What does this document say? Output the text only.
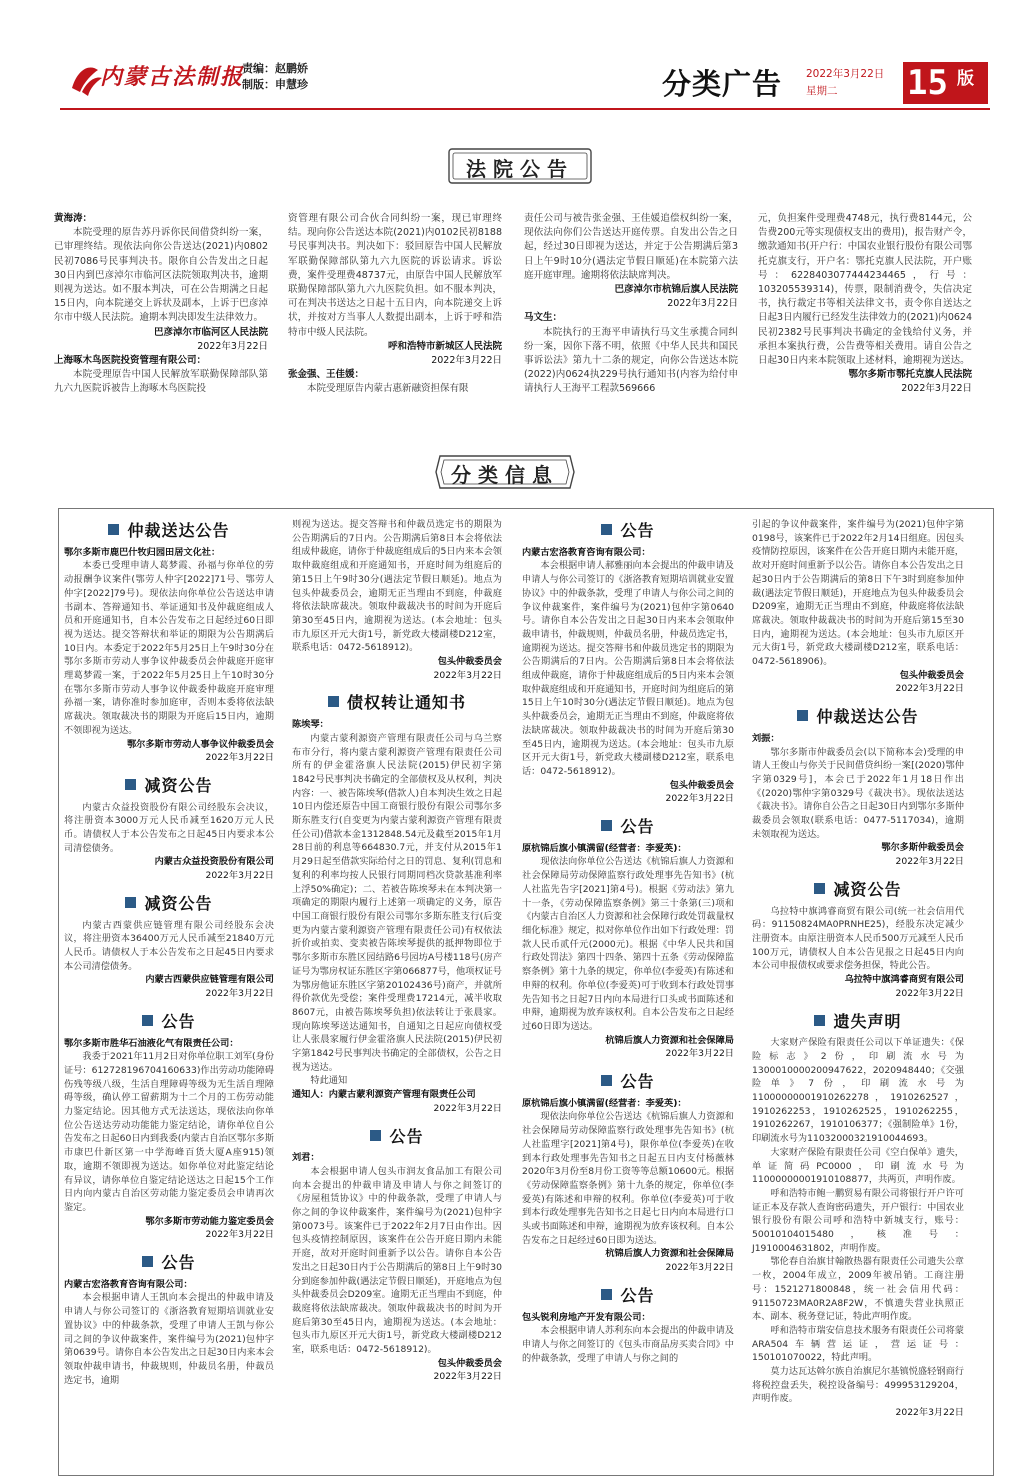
内蒙古法制报
责编：赵鹏娇
制版：申慧珍	分类广告 2022年3月22日
星期二	15 版
法院公告

黄海涛：

本院受理的原告苏丹诉你民间借贷纠纷一案，已审理终结。现依法向你公告送达(2021)内0802民初7086号民事判决书。限你自公告发出之日起30日内到巴彦淖尔市临河区法院领取判决书，逾期则视为送达。如不服本判决，可在公告期满之日起15日内，向本院递交上诉状及副本，上诉于巴彦淖尔市中级人民法院。逾期本判决即发生法律效力。

巴彦淖尔市临河区人民法院

2022年3月22日

上海啄木鸟医院投资管理有限公司：

本院受理原告中国人民解放军联勤保障部队第九六九医院诉被告上海啄木鸟医院投

资管理有限公司合伙合同纠纷一案，现已审理终结。现向你公告送达本院(2021)内0102民初8188号民事判决书。判决如下：驳回原告中国人民解放军联勤保障部队第九六九医院的诉讼请求。诉讼费，案件受理费48737元，由原告中国人民解放军联勤保障部队第九六九医院负担。如不服本判决，可在判决书送达之日起十五日内，向本院递交上诉状，并按对方当事人人数提出副本，上诉于呼和浩特市中级人民法院。

呼和浩特市新城区人民法院

2022年3月22日

张金强、王佳媛：

本院受理原告内蒙古惠新融资担保有限

责任公司与被告张金强、王佳媛追偿权纠纷一案，现依法向你们公告送达开庭传票。自发出公告之日起，经过30日即视为送达，并定于公告期满后第3日上午9时10分(遇法定节假日顺延)在本院第六法庭开庭审理。逾期将依法缺席判决。

巴彦淖尔市杭锦后旗人民法院

2022年3月22日

马文生：

本院执行的王海平申请执行马文生承揽合同纠纷一案，因你下落不明，依照《中华人民共和国民事诉讼法》第九十二条的规定，向你公告送达本院(2022)内0624执229号执行通知书(内容为给付申请执行人王海平工程款569666

元，负担案件受理费4748元，执行费8144元，公告费200元等实现债权支出的费用)，报告财产令，缴款通知书(开户行：中国农业银行股份有限公司鄂托克旗支行，开户名：鄂托克旗人民法院，开户账号：6228403077444234465，行号：103205539314)，传票，限制消费令，失信决定书，执行裁定书等相关法律文书，责令你自送达之日起3日内履行已经发生法律效力的(2021)内0624民初2382号民事判决书确定的金钱给付义务，并承担本案执行费，公告费等相关费用。请自公告之日起30日内来本院领取上述材料，逾期视为送达。

鄂尔多斯市鄂托克旗人民法院

2022年3月22日

分类信息
仲裁送达公告

鄂尔多斯市鹿巴什牧归园田居文化社：

本委已受理申请人葛梦霞、孙福与你单位的劳动报酬争议案件(鄂劳人仲字[2022]71号、鄂劳人仲字[2022]79号)。现依法向你单位公告送达申请书副本、答辩通知书、举证通知书及仲裁庭组成人员和开庭通知书，自本公告发布之日起经过60日即视为送达。提交答辩状和举证的期限为公告期满后10日内。本委定于2022年5月25日上午9时30分在鄂尔多斯市劳动人事争议仲裁委员会仲裁庭开庭审理葛梦霞一案，于2022年5月25日上午10时30分在鄂尔多斯市劳动人事争议仲裁委仲裁庭开庭审理孙福一案，请你准时参加庭审，否则本委将依法缺席裁决。领取裁决书的期限为开庭后15日内，逾期不领即视为送达。

鄂尔多斯市劳动人事争议仲裁委员会

2022年3月22日

减资公告

内蒙古众益投资股份有限公司经股东会决议，将注册资本3000万元人民币减至1620万元人民币。请债权人于本公告发布之日起45日内要求本公司清偿债务。

内蒙古众益投资股份有限公司

2022年3月22日

减资公告

内蒙古西蒙供应链管理有限公司经股东会决议，将注册资本36400万元人民币减至21840万元人民币。请债权人于本公告发布之日起45日内要求本公司清偿债务。

内蒙古西蒙供应链管理有限公司

2022年3月22日

公告

鄂尔多斯市胜华石油液化气有限责任公司：

我委于2021年11月2日对你单位职工刘军(身份证号：612728196704160633)作出劳动功能障碍伤残等级八级，生活自理障碍等级为无生活自理障碍等级，确认停工留薪期为十二个月的工伤劳动能力鉴定结论。因其他方式无法送达，现依法向你单位公告送达劳动功能能力鉴定结论，请你单位自公告发布之日起60日内到我委(内蒙古自治区鄂尔多斯市康巴什新区第一中学海峰百货大厦A座915)领取，逾期不领即视为送达。如你单位对此鉴定结论有异议，请你单位自鉴定结论送达之日起15个工作日内向内蒙古自治区劳动能力鉴定委员会申请再次鉴定。

鄂尔多斯市劳动能力鉴定委员会

2022年3月22日

公告

内蒙古宏洛教育咨询有限公司：

本会根据申请人王凯向本会提出的仲裁申请及申请人与你公司签订的《浙洛教育短期培训就业安置协议》中的仲裁条款，受理了申请人王凯与你公司之间的争议仲裁案件，案件编号为(2021)包仲字第0639号。请你自本公告发出之日起30日内来本会领取仲裁申请书，仲裁规则，仲裁员名册，仲裁员选定书，逾期

则视为送达。提交答辩书和仲裁员选定书的期限为公告期满后的7日内。公告期满后第8日本会将依法组成仲裁庭，请你于仲裁庭组成后的5日内来本会领取仲裁庭组成和开庭通知书，开庭时间为组庭后的第15日上午9时30分(遇法定节假日顺延)。地点为包头仲裁委员会，逾期无正当理由不到庭，仲裁庭将依法缺席裁决。领取仲裁裁决书的时间为开庭后第30至45日内，逾期视为送达。(本会地址：包头市九原区开元大街1号，新党政大楼副楼D212室，联系电话：0472-5618912)。

包头仲裁委员会

2022年3月22日

债权转让通知书

陈埃琴：

内蒙古蒙利源资产管理有限责任公司与乌兰察布市分行，将内蒙古蒙利源资产管理有限责任公司所有的伊金霍洛旗人民法院(2015)伊民初字第1842号民事判决书确定的全部债权及从权利，判决内容：一、被告陈埃琴(借款人)自本判决生效之日起10日内偿还原告中国工商银行股份有限公司鄂尔多斯东胜支行(自变更为内蒙古蒙利源资产管理有限责任公司)借款本金1312848.54元及截至2015年1月28日前的利息等664830.7元，并支付从2015年1月29日起至借款实际给付之日的罚息、复利(罚息和复利的利率均按人民银行同期同档次贷款基准利率上浮50%确定)；二、若被告陈埃琴未在本判决第一项确定的期限内履行上述第一项确定的义务，原告中国工商银行股份有限公司鄂尔多斯东胜支行(后变更为内蒙古蒙利源资产管理有限责任公司)有权依法折价或拍卖、变卖被告陈埃琴提供的抵押物即位于鄂尔多斯市东胜区园结路6号园坊A号楼118号(房产证号为鄂房权证东胜区字第066877号，他项权证号为鄂房他证东胜区字第20102436号)商产，并就所得价款优先受偿；案件受理费17214元，减半收取8607元，由被告陈埃琴负担)依法转让于张晨家。现向陈埃琴送达通知书，自通知之日起应向债权受让人张晨家履行伊金霍洛旗人民法院(2015)伊民初字第1842号民事判决书确定的全部债权，公告之日视为送达。

特此通知

通知人：内蒙古蒙利源资产管理有限责任公司

2022年3月22日

公告

刘君：

本会根据申请人包头市润友食品加工有限公司向本会提出的仲裁申请及申请人与你之间签订的《房屋租赁协议》中的仲裁条款，受理了申请人与你之间的争议仲裁案件，案件编号为(2021)包仲字第0073号。该案件已于2022年2月7日由作出。因包头疫情控制原因，该案件在公告开庭日期内未能开庭，故对开庭时间重新予以公告。请你自本公告发出之日起30日内于公告期满后的第8日上午9时30分到庭参加仲裁(遇法定节假日顺延)，开庭地点为包头仲裁委员会D209室。逾期无正当理由不到庭，仲裁庭将依法缺席裁决。领取仲裁裁决书的时间为开庭后第30至45日内，逾期视为送达。(本会地址：包头市九原区开元大街1号，新党政大楼副楼D212室，联系电话：0472-5618912)。

包头仲裁委员会

2022年3月22日

公告

内蒙古宏洛教育咨询有限公司：

本会根据申请人郝雅丽向本会提出的仲裁申请及申请人与你公司签订的《浙洛教育短期培训就业安置协议》中的仲裁条款，受理了申请人与你公司之间的争议仲裁案件，案件编号为(2021)包仲字第0640号。请你自本公告发出之日起30日内来本会领取仲裁申请书，仲裁规则，仲裁员名册，仲裁员选定书，逾期视为送达。提交答辩书和仲裁员选定书的期限为公告期满后的7日内。公告期满后第8日本会将依法组成仲裁庭，请你于仲裁庭组成后的5日内来本会领取仲裁庭组成和开庭通知书，开庭时间为组庭后的第15日上午10时30分(遇法定节假日顺延)。地点为包头仲裁委员会，逾期无正当理由不到庭，仲裁庭将依法缺席裁决。领取仲裁裁决书的时间为开庭后第30至45日内，逾期视为送达。(本会地址：包头市九原区开元大街1号，新党政大楼副楼D212室，联系电话：0472-5618912)。

包头仲裁委员会

2022年3月22日

公告

原杭锦后旗小镇满留(经营者：李爱英)：

现依法向你单位公告送达《杭锦后旗人力资源和社会保障局劳动保障监察行政处理事先告知书》(杭人社监先告字[2021]第4号)。根据《劳动法》第九十一条，《劳动保障监察条例》第三十条第(三)项和《内蒙古自治区人力资源和社会保障行政处罚裁量权细化标准》规定，拟对你单位作出如下行政处理：罚款人民币贰仟元(2000元)。根据《中华人民共和国行政处罚法》第四十四条、第四十五条《劳动保障监察条例》第十九条的规定，你单位(李爱英)有陈述和申辩的权利。你单位(李爱英)可于收到本行政处罚事先告知书之日起7日内向本局进行口头或书面陈述和申辩，逾期视为放弃该权利。自本公告发布之日起经过60日即为送达。

杭锦后旗人力资源和社会保障局

2022年3月22日

公告

原杭锦后旗小镇满留(经营者：李爱英)：

现依法向你单位公告送达《杭锦后旗人力资源和社会保障局劳动保障监察行政处理事先告知书》(杭人社监理字[2021]第4号)，限你单位(李爱英)在收到本行政处理事先告知书之日起五日内支付杨薇林2020年3月份至8月份工资等等总额10600元。根据《劳动保障监察条例》第十九条的规定，你单位(李爱英)有陈述和申辩的权利。你单位(李爱英)可于收到本行政处理事先告知书之日起七日内向本局进行口头或书面陈述和申辩，逾期视为放弃该权利。自本公告发布之日起经过60日即为送达。

杭锦后旗人力资源和社会保障局

2022年3月22日

公告

包头锐利房地产开发有限公司：

本会根据申请人苏利东向本会提出的仲裁申请及申请人与你之间签订的《包头市商品房买卖合同》中的仲裁条款，受理了申请人与你之间的

引起的争议仲裁案件，案件编号为(2021)包仲字第0198号，该案件已于2022年2月14日组庭。因包头疫情防控原因，该案件在公告开庭日期内未能开庭，故对开庭时间重新予以公告。请你自本公告发出之日起30日内于公告期满后的第8日下午3时到庭参加仲裁(遇法定节假日顺延)，开庭地点为包头仲裁委员会D209室，逾期无正当理由不到庭，仲裁庭将依法缺席裁决。领取仲裁裁决书的时间为开庭后第15至30日内，逾期视为送达。(本会地址：包头市九原区开元大街1号，新党政大楼副楼D212室，联系电话：0472-5618906)。

包头仲裁委员会

2022年3月22日

仲裁送达公告

刘振：

鄂尔多斯市仲裁委员会(以下简称本会)受理的申请人王俊山与你关于民间借贷纠纷一案[(2020)鄂仲字第0329号]，本会已于2022年1月18日作出《(2020)鄂仲字第0329号《裁决书》。现依法送达《裁决书》。请你自公告之日起30日内到鄂尔多斯仲裁委员会领取(联系电话：0477-5117034)，逾期未领取视为送达。

鄂尔多斯仲裁委员会

2022年3月22日

减资公告

乌拉特中旗鸿睿商贸有限公司(统一社会信用代码：91150824MA0PRNHE25)，经股东决定减少注册资本。由原注册资本人民币500万元减至人民币100万元，请债权人自本公告见报之日起45日内向本公司申报债权或要求偿务担保，特此公告。

乌拉特中旗鸿睿商贸有限公司

2022年3月22日

遗失声明

大家财产保险有限责任公司以下单证遗失：《保险标志》2份，印刷流水号为1300010000200947622，2020948440；《交强险单》7份，印刷流水号为11000000001910262278，1910262527，1910262253，1910262525，1910262255，1910262267，1910106377；《强制险单》1份，印刷流水号为11032000321910044693。

大家财产保险有限责任公司《空白保单》遗失，单证简码PC0000，印刷流水号为11000000001910108877，共两页，声明作废。

呼和浩特市鲍一鹏贸易有限公司将银行开户许可证正本及存款人查询密码遗失，开户银行：中国农业银行股份有限公司呼和浩特中新城支行，账号：50010104015480，核准号：J1910004631802，声明作废。

鄂伦春自治旗甘翰散热器有限责任公司遗失公章一枚，2004年成立，2009年被吊销。工商注册号：1521271800848，统一社会信用代码：91150723MA0R2A8F2W，不慎遗失营业执照正本、副本、税务登记证，特此声明作废。

呼和浩特市瑞安信息技术服务有限责任公司将蒙ARA504车辆营运证，营运证号：150101070022，特此声明。

莫力达瓦达斡尔族自治旗尼尔基镇悦盛轻钢商行将税控盘丢失，税控设备编号：499953129204，声明作废。

2022年3月22日
